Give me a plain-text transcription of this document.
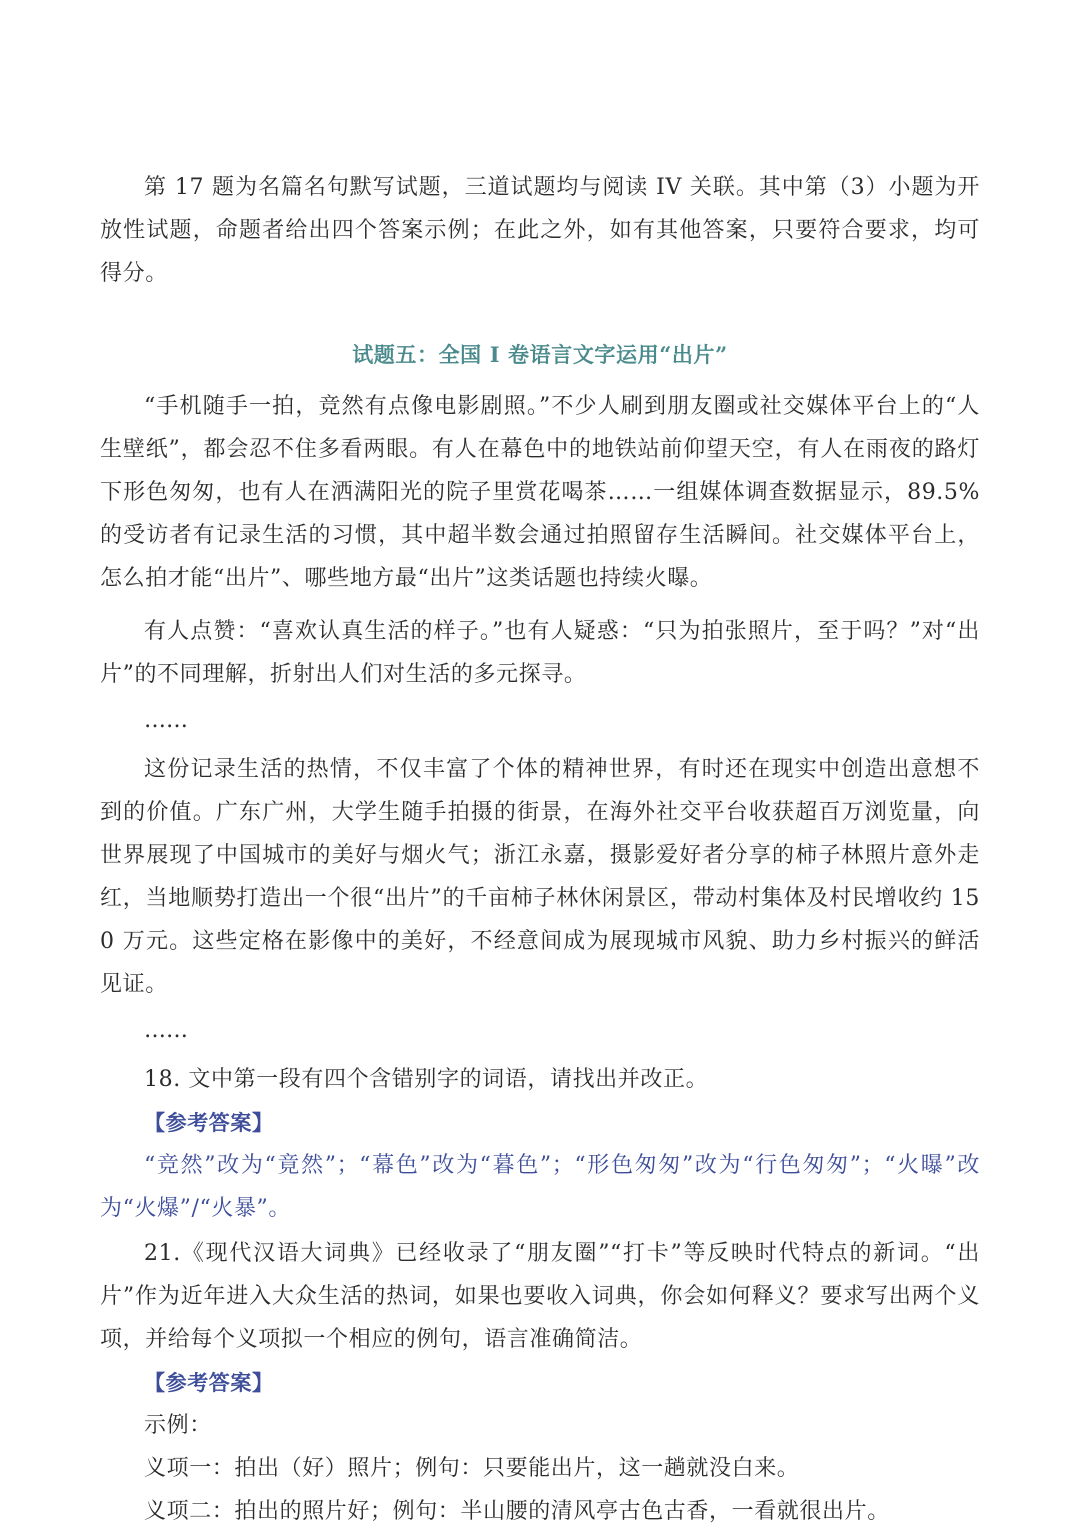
第 17 题为名篇名句默写试题，三道试题均与阅读 IV 关联。其中第（3）小题为开放性试题，命题者给出四个答案示例；在此之外，如有其他答案，只要符合要求，均可得分。

试题五：全国 I 卷语言文字运用“出片”

“手机随手一拍，竞然有点像电影剧照。”不少人刷到朋友圈或社交媒体平台上的“人生壁纸”，都会忍不住多看两眼。有人在幕色中的地铁站前仰望天空，有人在雨夜的路灯下形色匆匆，也有人在洒满阳光的院子里赏花喝茶……一组媒体调查数据显示，89.5%的受访者有记录生活的习惯，其中超半数会通过拍照留存生活瞬间。社交媒体平台上，怎么拍才能“出片”、哪些地方最“出片”这类话题也持续火曝。

有人点赞：“喜欢认真生活的样子。”也有人疑惑：“只为拍张照片，至于吗？”对“出片”的不同理解，折射出人们对生活的多元探寻。

……

这份记录生活的热情，不仅丰富了个体的精神世界，有时还在现实中创造出意想不到的价值。广东广州，大学生随手拍摄的街景，在海外社交平台收获超百万浏览量，向世界展现了中国城市的美好与烟火气；浙江永嘉，摄影爱好者分享的柿子林照片意外走红，当地顺势打造出一个很“出片”的千亩柿子林休闲景区，带动村集体及村民增收约 150 万元。这些定格在影像中的美好，不经意间成为展现城市风貌、助力乡村振兴的鲜活见证。

……

18. 文中第一段有四个含错别字的词语，请找出并改正。

【参考答案】

“竞然”改为“竟然”；“幕色”改为“暮色”；“形色匆匆”改为“行色匆匆”；“火曝”改为“火爆”/“火暴”。

21.《现代汉语大词典》已经收录了“朋友圈”“打卡”等反映时代特点的新词。“出片”作为近年进入大众生活的热词，如果也要收入词典，你会如何释义？要求写出两个义项，并给每个义项拟一个相应的例句，语言准确简洁。

【参考答案】

示例：

义项一：拍出（好）照片；例句：只要能出片，这一趟就没白来。

义项二：拍出的照片好；例句：半山腰的清风亭古色古香，一看就很出片。
